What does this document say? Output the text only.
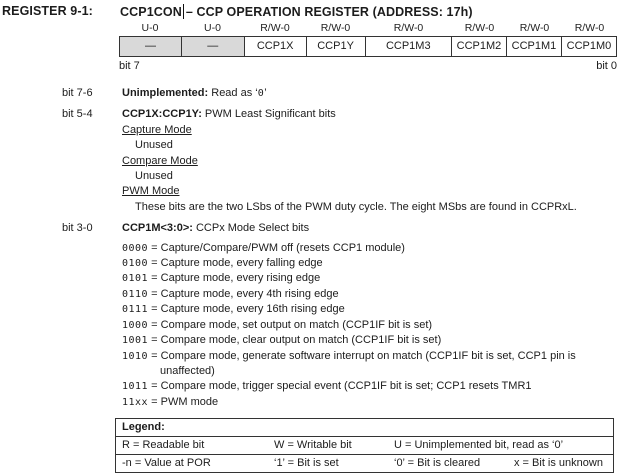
REGISTER 9-1:	CCP1CON – CCP OPERATION REGISTER (ADDRESS: 17h)
U-0	U-0	R/W-0	R/W-0	R/W-0	R/W-0	R/W-0	R/W-0
—	—	CCP1X	CCP1Y	CCP1M3	CCP1M2 CCP1M1 CCP1M0
bit 7	bit 0
bit 7-6	Unimplemented: Read as ‘0’
bit 5-4	CCP1X:CCP1Y: PWM Least Significant bits
Capture Mode
Unused
Compare Mode
Unused
PWM Mode
These bits are the two LSbs of the PWM duty cycle. The eight MSbs are found in CCPRxL.
bit 3-0	CCP1M<3:0>: CCPx Mode Select bits
0000 = Capture/Compare/PWM off (resets CCP1 module)
0100 = Capture mode, every falling edge
0101 = Capture mode, every rising edge
0110 = Capture mode, every 4th rising edge
0111 = Capture mode, every 16th rising edge
1000 = Compare mode, set output on match (CCP1IF bit is set)
1001 = Compare mode, clear output on match (CCP1IF bit is set)
1010 = Compare mode, generate software interrupt on match (CCP1IF bit is set, CCP1 pin is
unaffected)
1011 = Compare mode, trigger special event (CCP1IF bit is set; CCP1 resets TMR1
11xx = PWM mode
Legend:
R = Readable bit	W = Writable bit	U = Unimplemented bit, read as ‘0’
-n = Value at POR	‘1’ = Bit is set	‘0’ = Bit is cleared	x = Bit is unknown
